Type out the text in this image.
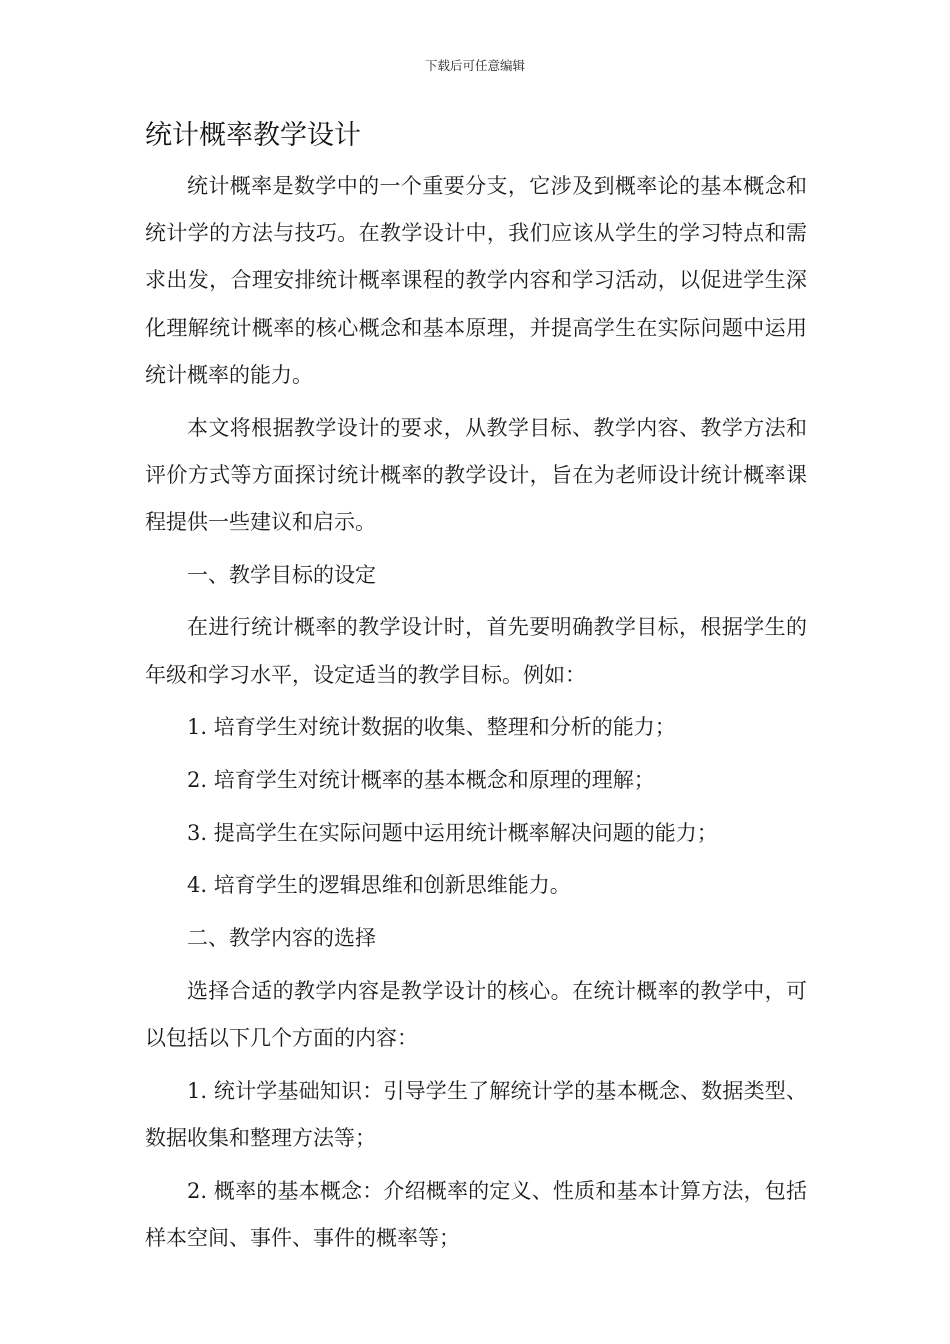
下载后可任意编辑
统计概率教学设计

统计概率是数学中的一个重要分支，它涉及到概率论的基本概念和统计学的方法与技巧。在教学设计中，我们应该从学生的学习特点和需求出发，合理安排统计概率课程的教学内容和学习活动，以促进学生深化理解统计概率的核心概念和基本原理，并提高学生在实际问题中运用统计概率的能力。

本文将根据教学设计的要求，从教学目标、教学内容、教学方法和评价方式等方面探讨统计概率的教学设计，旨在为老师设计统计概率课程提供一些建议和启示。

一、教学目标的设定

在进行统计概率的教学设计时，首先要明确教学目标，根据学生的年级和学习水平，设定适当的教学目标。例如：

1. 培育学生对统计数据的收集、整理和分析的能力；

2. 培育学生对统计概率的基本概念和原理的理解；

3. 提高学生在实际问题中运用统计概率解决问题的能力；

4. 培育学生的逻辑思维和创新思维能力。

二、教学内容的选择

选择合适的教学内容是教学设计的核心。在统计概率的教学中，可以包括以下几个方面的内容：

1. 统计学基础知识：引导学生了解统计学的基本概念、数据类型、数据收集和整理方法等；

2. 概率的基本概念：介绍概率的定义、性质和基本计算方法，包括样本空间、事件、事件的概率等；
